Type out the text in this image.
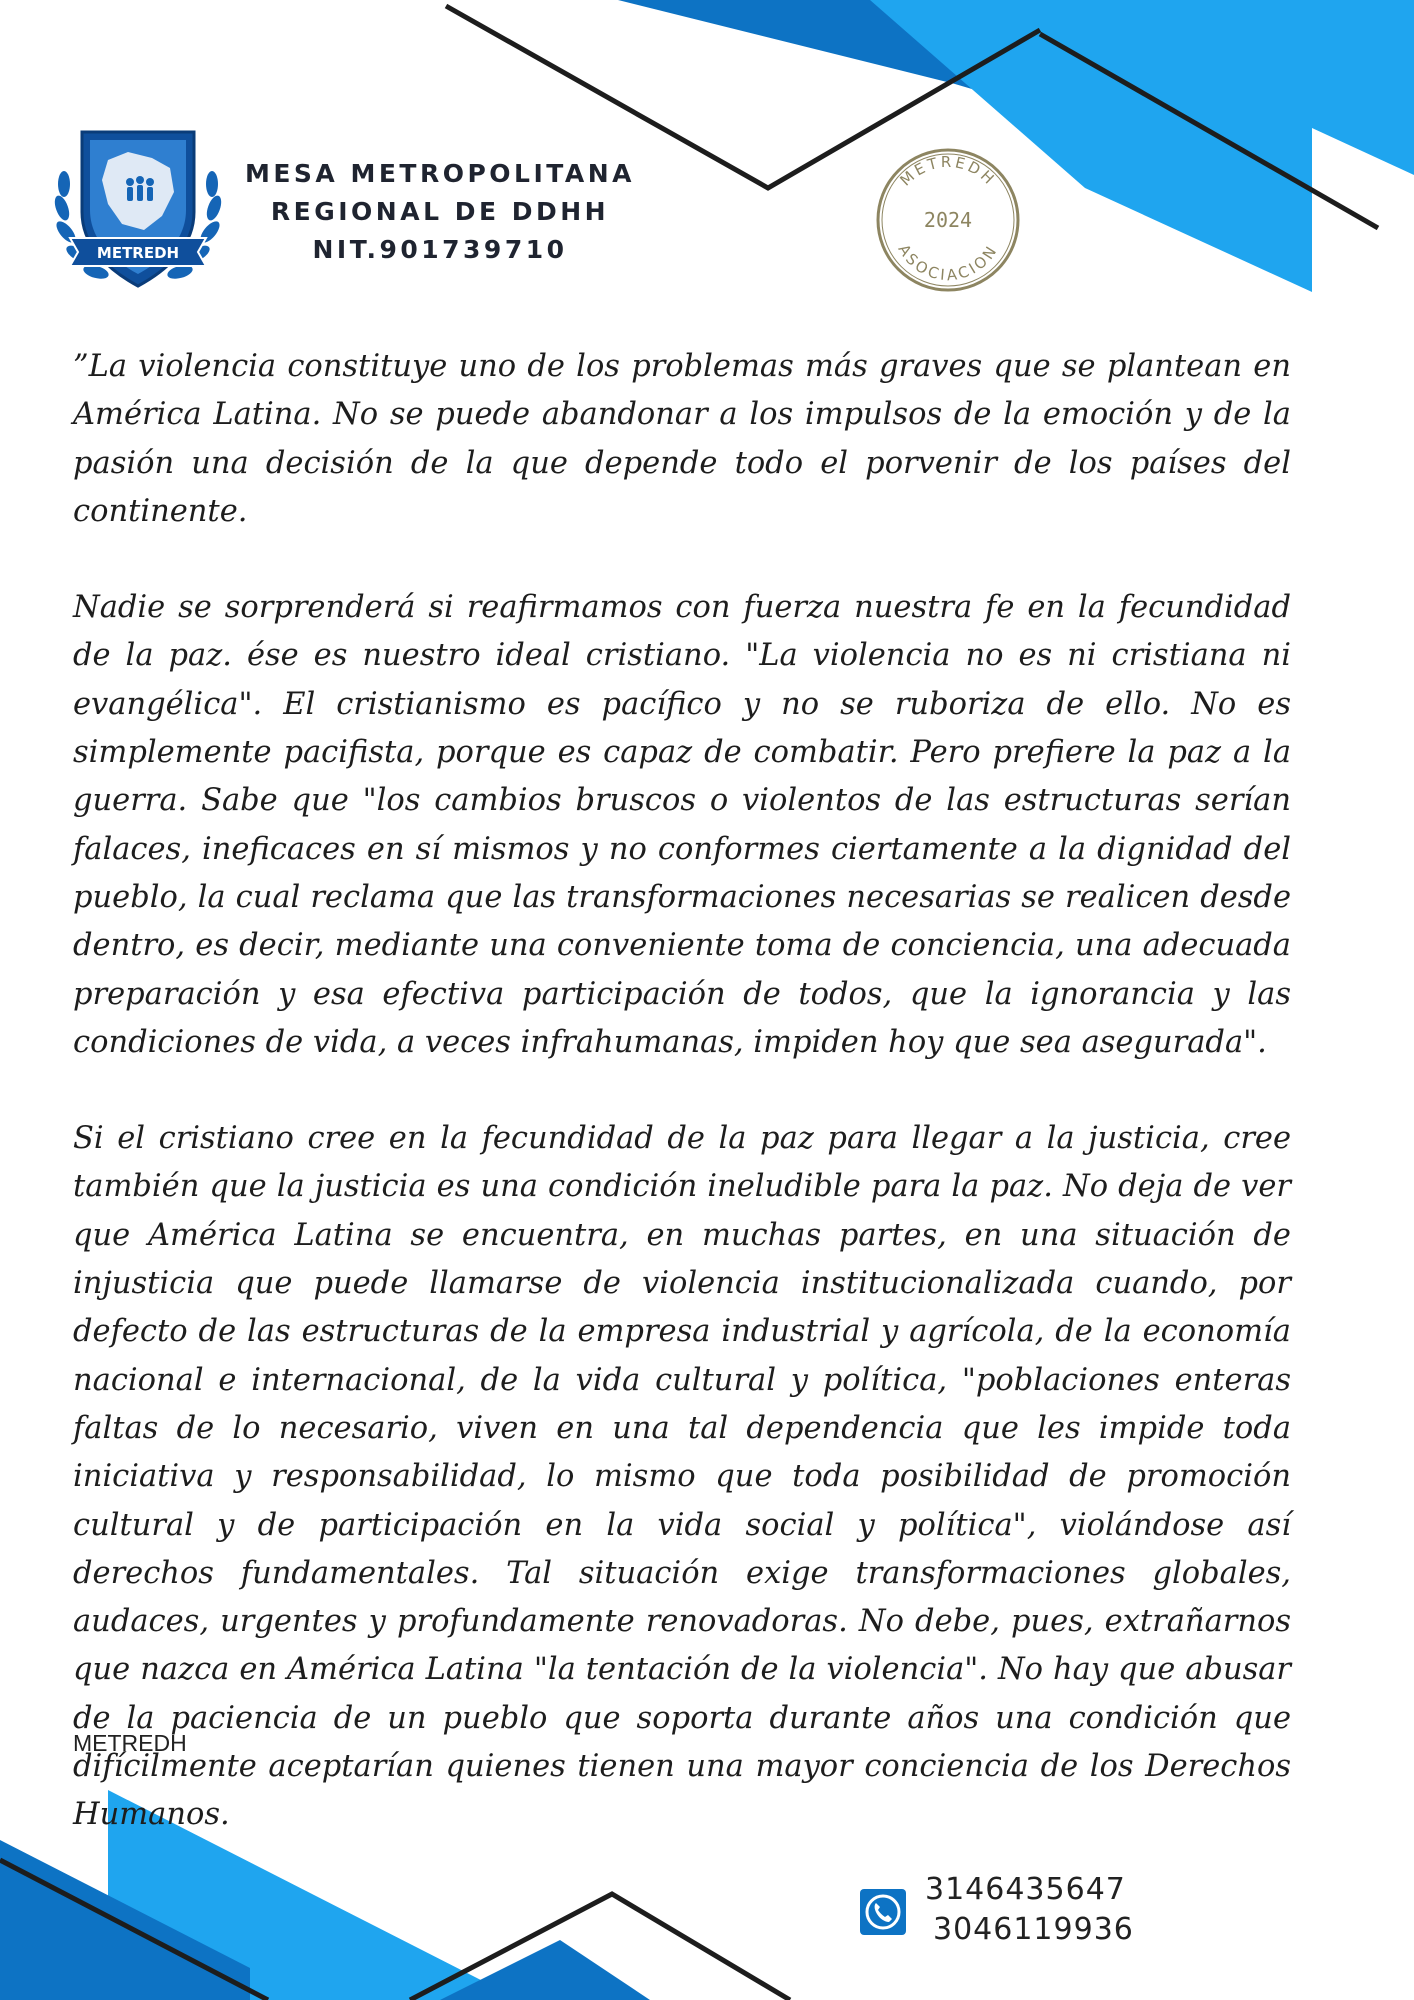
METREDH
MESA METROPOLITANA
REGIONAL DE DDHH
NIT.901739710
METREDH
2024
ASOCIACION

”La violencia constituye uno de los problemas más graves que se plantean en América Latina. No se puede abandonar a los impulsos de la emoción y de la pasión una decisión de la que depende todo el porvenir de los países del continente.

Nadie se sorprenderá si reafirmamos con fuerza nuestra fe en la fecundidad de la paz. ése es nuestro ideal cristiano. "La violencia no es ni cristiana ni evangélica". El cristianismo es pacífico y no se ruboriza de ello. No es simplemente pacifista, porque es capaz de combatir. Pero prefiere la paz a la guerra. Sabe que "los cambios bruscos o violentos de las estructuras serían falaces, ineficaces en sí mismos y no conformes ciertamente a la dignidad del pueblo, la cual reclama que las transformaciones necesarias se realicen desde dentro, es decir, mediante una conveniente toma de conciencia, una adecuada preparación y esa efectiva participación de todos, que la ignorancia y las condiciones de vida, a veces infrahumanas, impiden hoy que sea asegurada".

Si el cristiano cree en la fecundidad de la paz para llegar a la justicia, cree también que la justicia es una condición ineludible para la paz. No deja de ver que América Latina se encuentra, en muchas partes, en una situación de injusticia que puede llamarse de violencia institucionalizada cuando, por defecto de las estructuras de la empresa industrial y agrícola, de la economía nacional e internacional, de la vida cultural y política, "poblaciones enteras faltas de lo necesario, viven en una tal dependencia que les impide toda iniciativa y responsabilidad, lo mismo que toda posibilidad de promoción cultural y de participación en la vida social y política", violándose así derechos fundamentales. Tal situación exige transformaciones globales, audaces, urgentes y profundamente renovadoras. No debe, pues, extrañarnos que nazca en América Latina "la tentación de la violencia". No hay que abusar de la paciencia de un pueblo que soporta durante años una condición que difícilmente aceptarían quienes tienen una mayor conciencia de los Derechos Humanos.

METREDH
3146435647
3046119936
